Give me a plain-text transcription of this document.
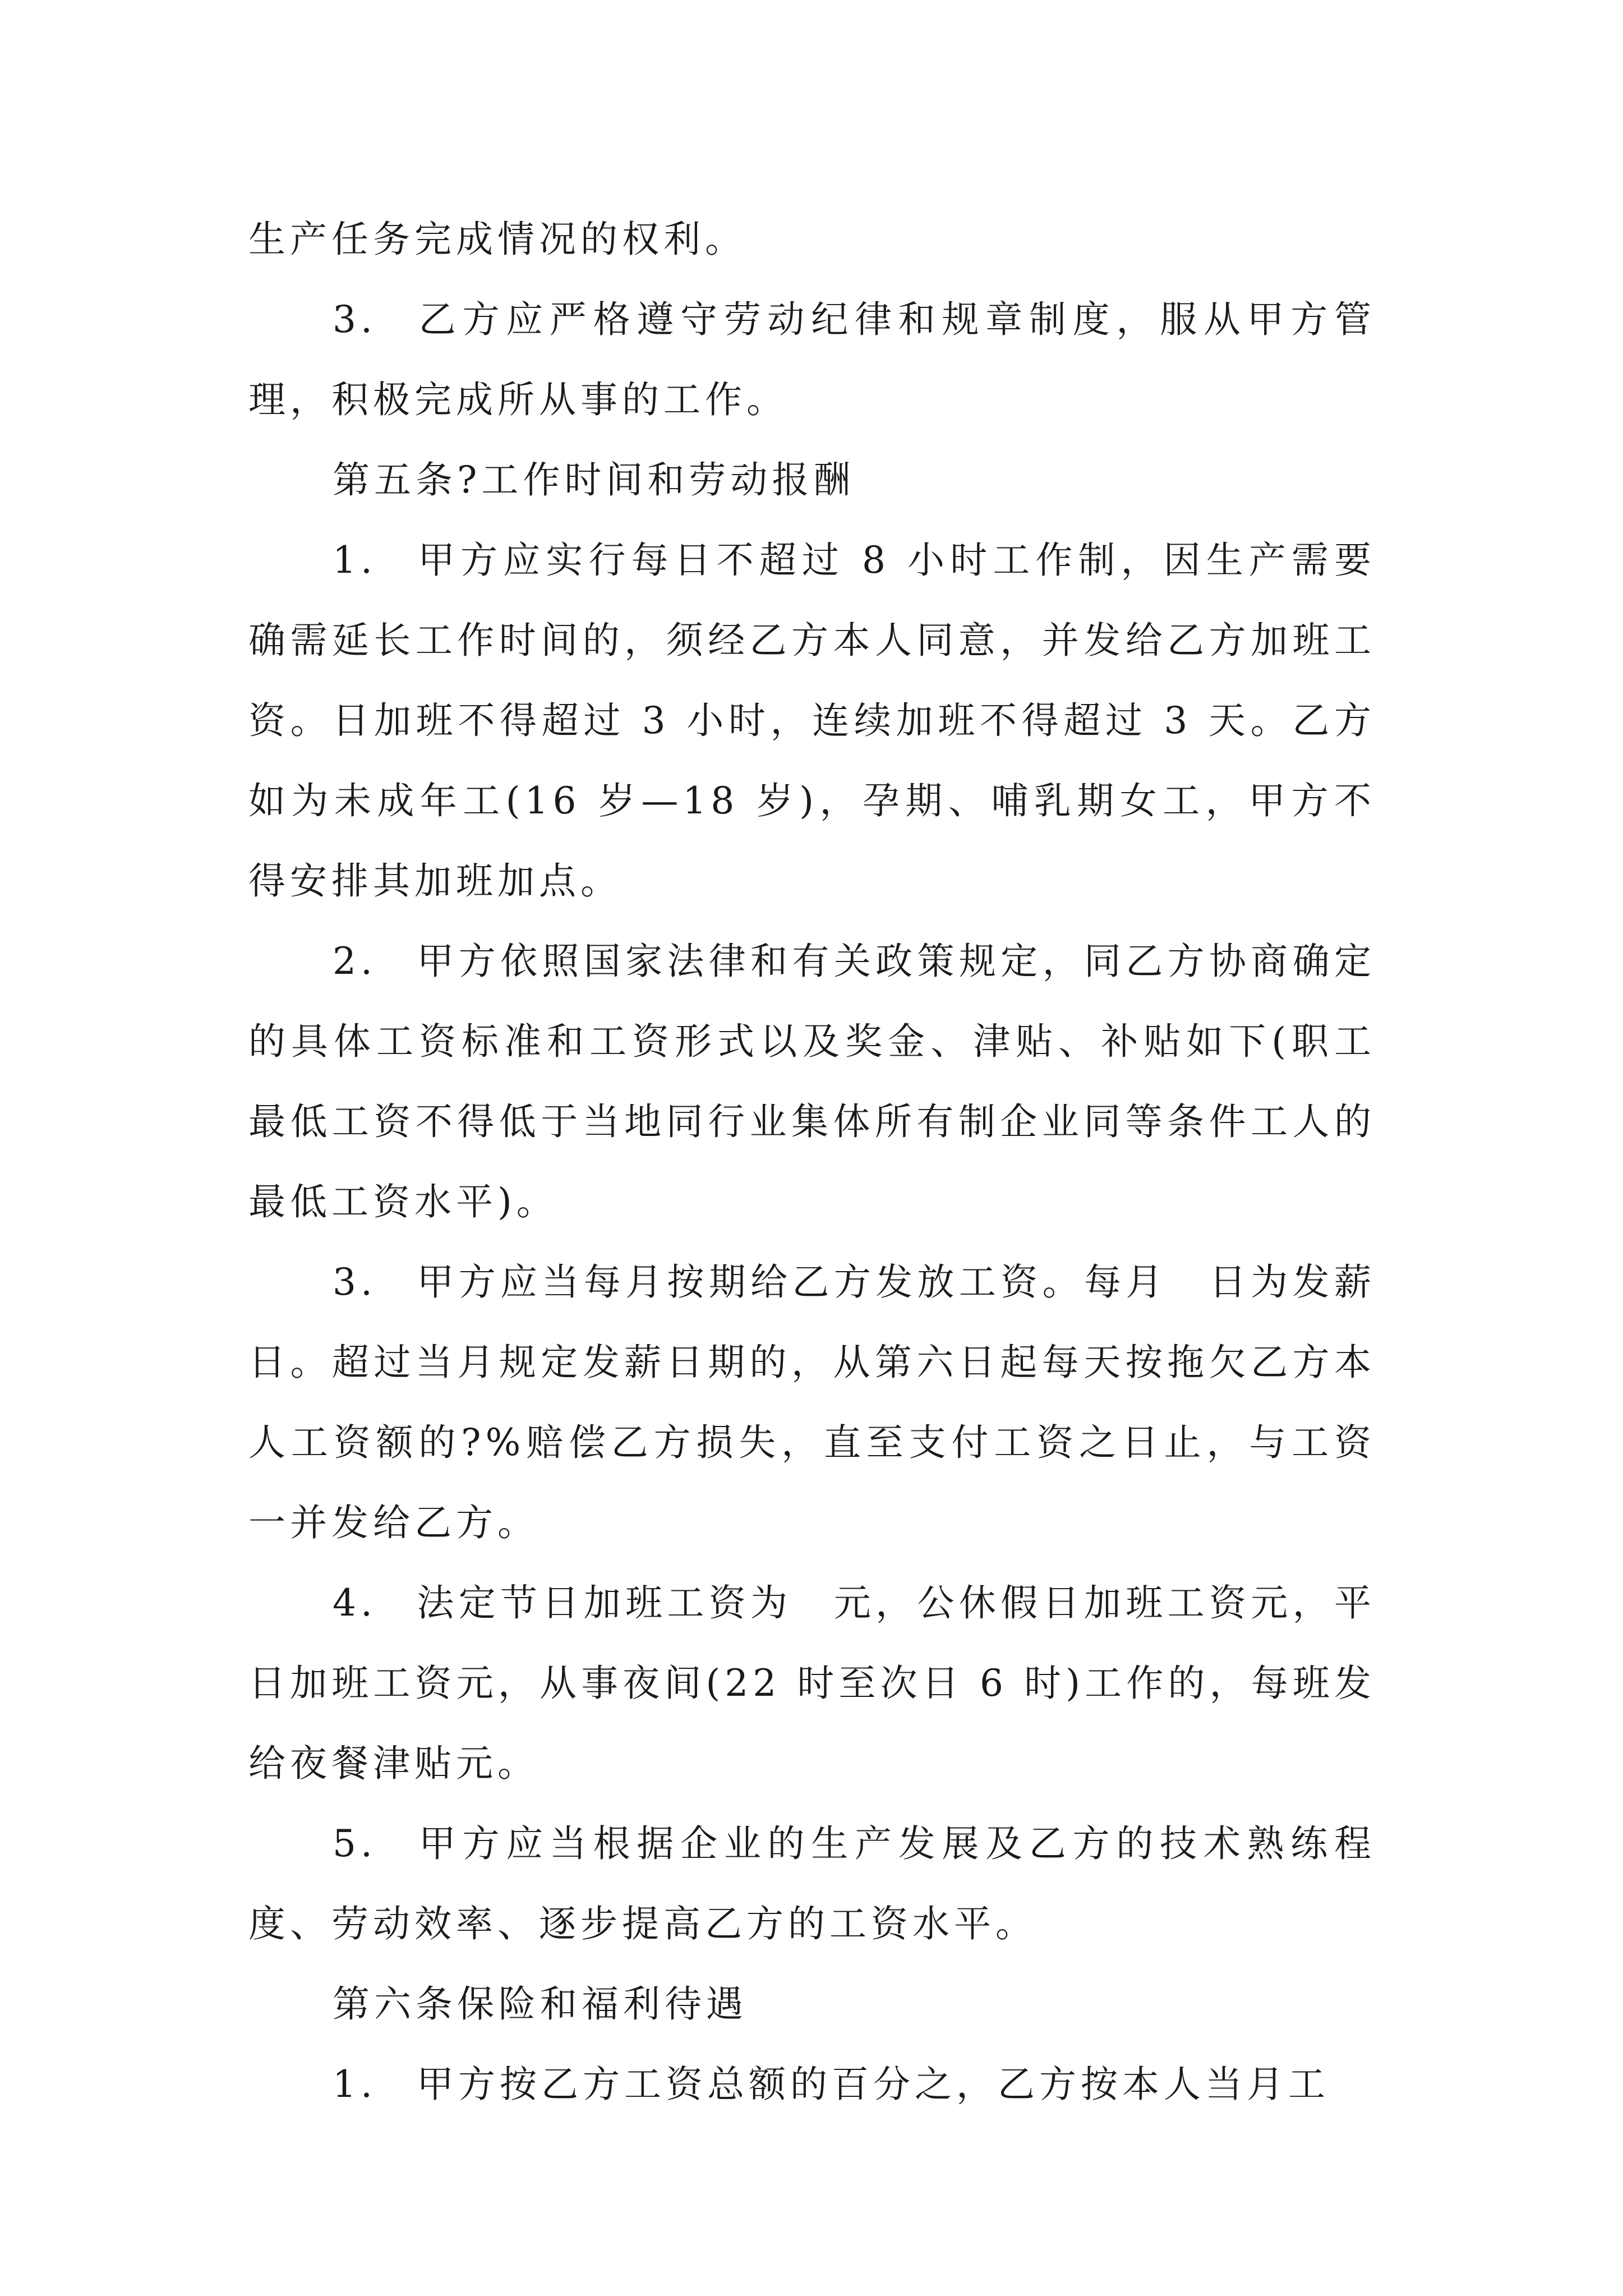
生产任务完成情况的权利。

3. 乙方应严格遵守劳动纪律和规章制度，服从甲方管理，积极完成所从事的工作。

第五条?工作时间和劳动报酬

1. 甲方应实行每日不超过 8 小时工作制，因生产需要确需延长工作时间的，须经乙方本人同意，并发给乙方加班工资。日加班不得超过 3 小时，连续加班不得超过 3 天。乙方如为未成年工(16 岁—18 岁)，孕期、哺乳期女工，甲方不得安排其加班加点。

2. 甲方依照国家法律和有关政策规定，同乙方协商确定的具体工资标准和工资形式以及奖金、津贴、补贴如下(职工最低工资不得低于当地同行业集体所有制企业同等条件工人的最低工资水平)。

3. 甲方应当每月按期给乙方发放工资。每月　日为发薪日。超过当月规定发薪日期的，从第六日起每天按拖欠乙方本人工资额的?%赔偿乙方损失，直至支付工资之日止，与工资一并发给乙方。

4. 法定节日加班工资为　元，公休假日加班工资元，平日加班工资元，从事夜间(22 时至次日 6 时)工作的，每班发给夜餐津贴元。

5. 甲方应当根据企业的生产发展及乙方的技术熟练程度、劳动效率、逐步提高乙方的工资水平。

第六条保险和福利待遇

1. 甲方按乙方工资总额的百分之，乙方按本人当月工
